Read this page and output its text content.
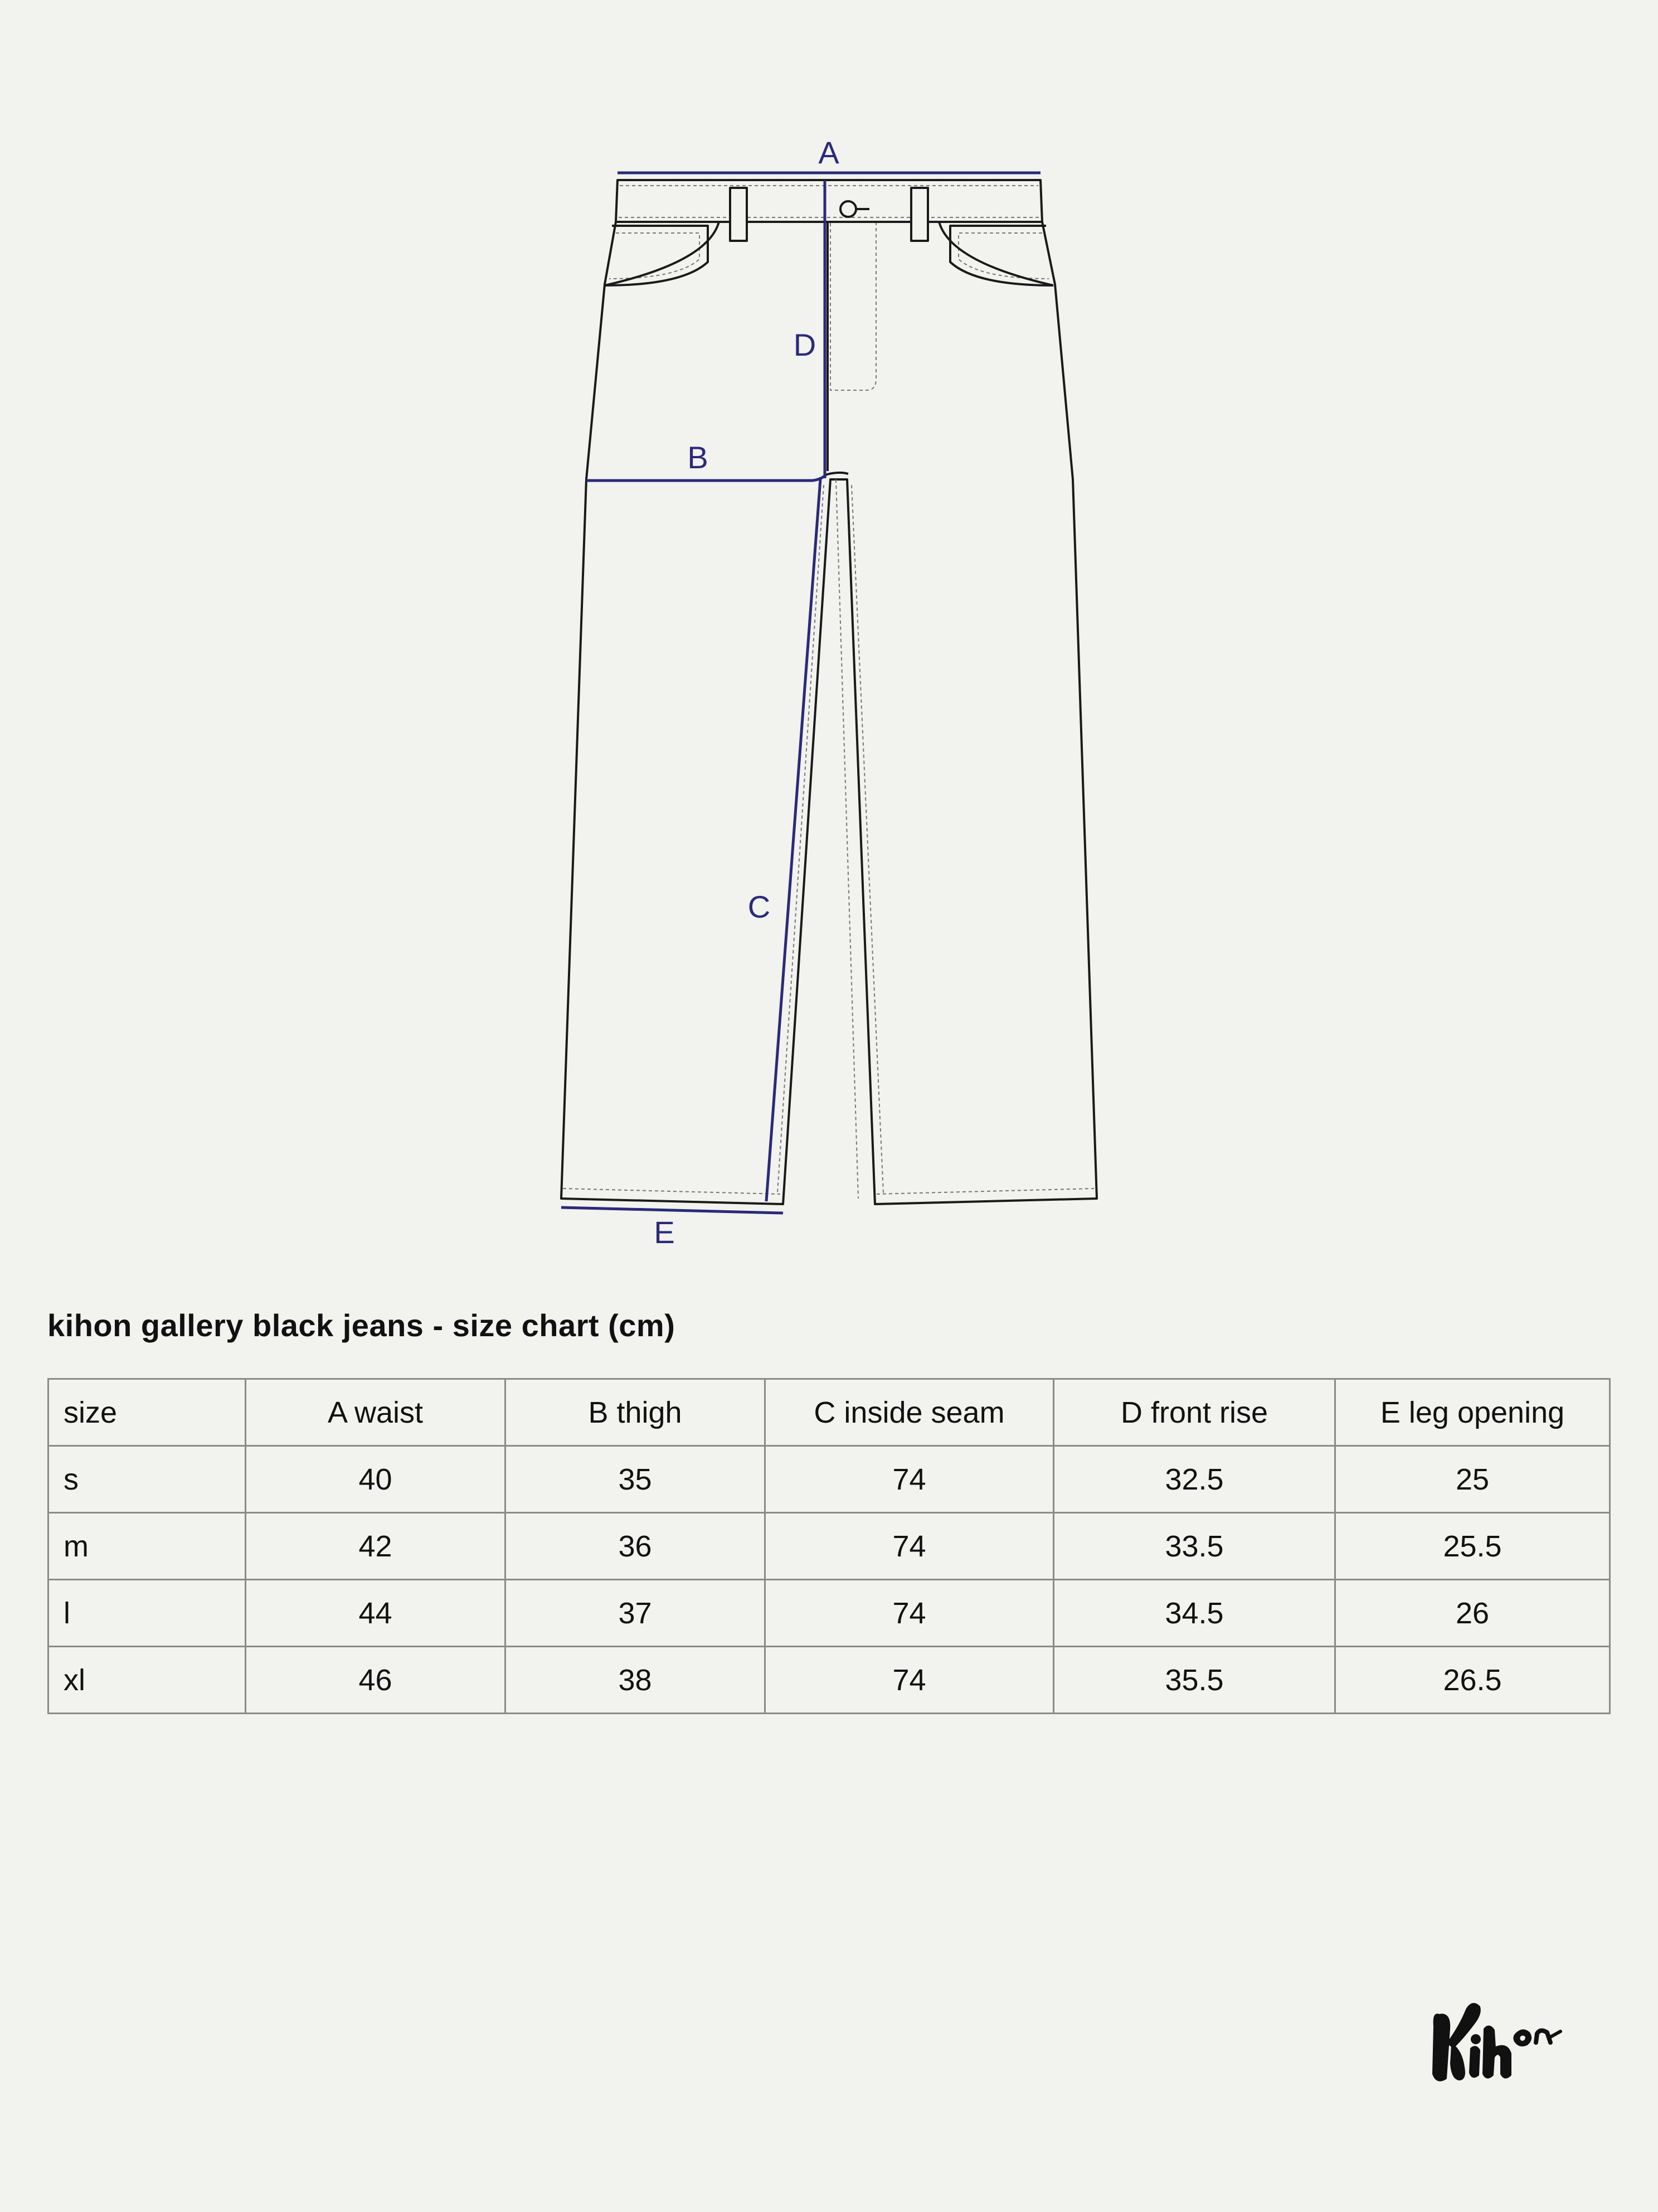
A
D
B
C
E
kihon gallery black jeans - size chart (cm)
size	A waist	B thigh	C inside seam	D front rise	E leg opening
s	40	35	74	32.5	25
m	42	36	74	33.5	25.5
l	44	37	74	34.5	26
xl	46	38	74	35.5	26.5
